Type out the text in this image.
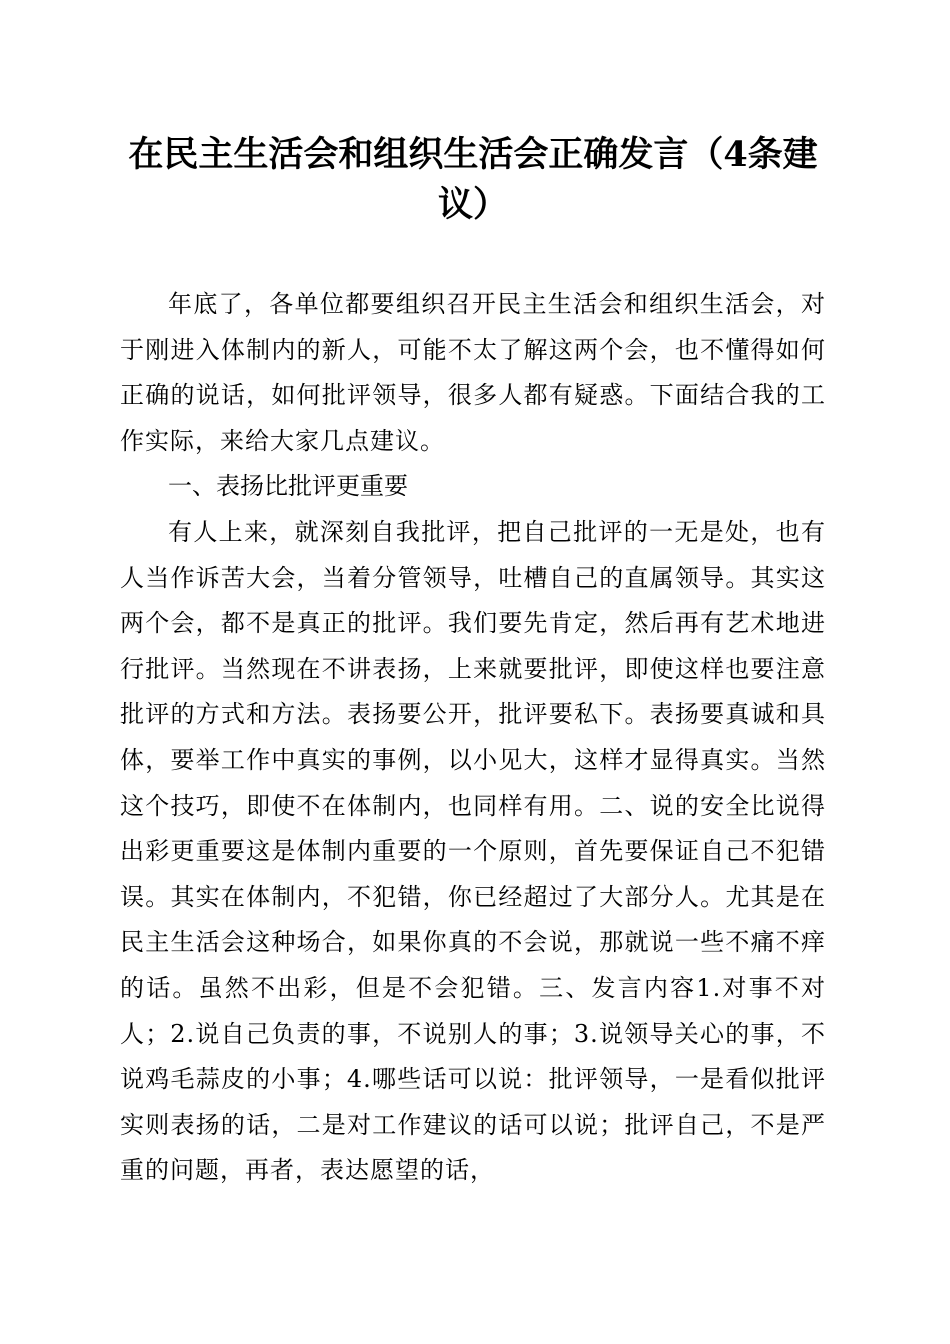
在民主生活会和组织生活会正确发言（4条建议）

年底了，各单位都要组织召开民主生活会和组织生活会，对于刚进入体制内的新人，可能不太了解这两个会，也不懂得如何正确的说话，如何批评领导，很多人都有疑惑。下面结合我的工作实际，来给大家几点建议。

一、表扬比批评更重要

有人上来，就深刻自我批评，把自己批评的一无是处，也有人当作诉苦大会，当着分管领导，吐槽自己的直属领导。其实这两个会，都不是真正的批评。我们要先肯定，然后再有艺术地进行批评。当然现在不讲表扬，上来就要批评，即使这样也要注意批评的方式和方法。表扬要公开，批评要私下。表扬要真诚和具体，要举工作中真实的事例，以小见大，这样才显得真实。当然这个技巧，即使不在体制内，也同样有用。二、说的安全比说得出彩更重要这是体制内重要的一个原则，首先要保证自己不犯错误。其实在体制内，不犯错，你已经超过了大部分人。尤其是在民主生活会这种场合，如果你真的不会说，那就说一些不痛不痒的话。虽然不出彩，但是不会犯错。三、发言内容1.对事不对人；2.说自己负责的事，不说别人的事；3.说领导关心的事，不说鸡毛蒜皮的小事；4.哪些话可以说：批评领导，一是看似批评实则表扬的话，二是对工作建议的话可以说；批评自己，不是严重的问题，再者，表达愿望的话，
